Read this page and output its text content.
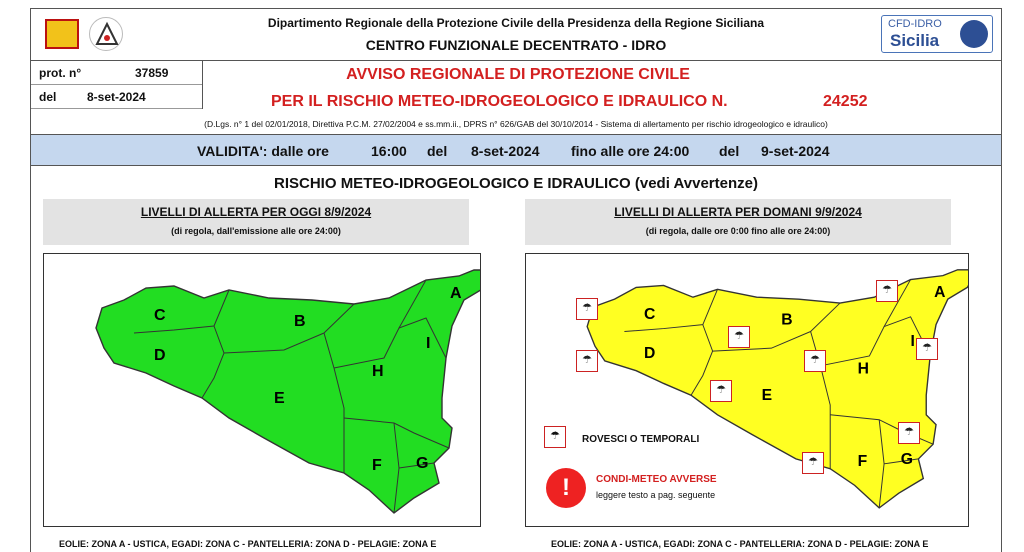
Dipartimento Regionale della Protezione Civile della Presidenza della Regione Siciliana
CENTRO FUNZIONALE DECENTRATO - IDRO
CFD-IDRO
Sicilia
prot. n°	37859
del	8-set-2024
AVVISO REGIONALE DI PROTEZIONE CIVILE
PER IL RISCHIO METEO-IDROGEOLOGICO E IDRAULICO N.	24252
(D.Lgs. n° 1 del 02/01/2018, Direttiva P.C.M. 27/02/2004 e ss.mm.ii., DPRS n° 626/GAB del 30/10/2014 - Sistema di allertamento per rischio idrogeologico e idraulico)
VALIDITA': dalle ore	16:00 del 8-set-2024 fino alle ore 24:00 del 9-set-2024
RISCHIO METEO-IDROGEOLOGICO E IDRAULICO (vedi Avvertenze)
LIVELLI DI ALLERTA PER OGGI 8/9/2024
(di regola, dall'emissione alle ore 24:00)
LIVELLI DI ALLERTA PER DOMANI 9/9/2024
(di regola, dalle ore 0:00 fino alle ore 24:00)
A
B
C
D
E
F G
H
I
A
B
C
D
E
F G
H
I
☂	ROVESCI O TEMPORALI
!	CONDI-METEO AVVERSE
leggere testo a pag. seguente
☂
☂
☂
☂
☂
☂
☂
☂
☂
EOLIE: ZONA A - USTICA, EGADI: ZONA C - PANTELLERIA: ZONA D - PELAGIE: ZONA E	EOLIE: ZONA A - USTICA, EGADI: ZONA C - PANTELLERIA: ZONA D - PELAGIE: ZONA E
